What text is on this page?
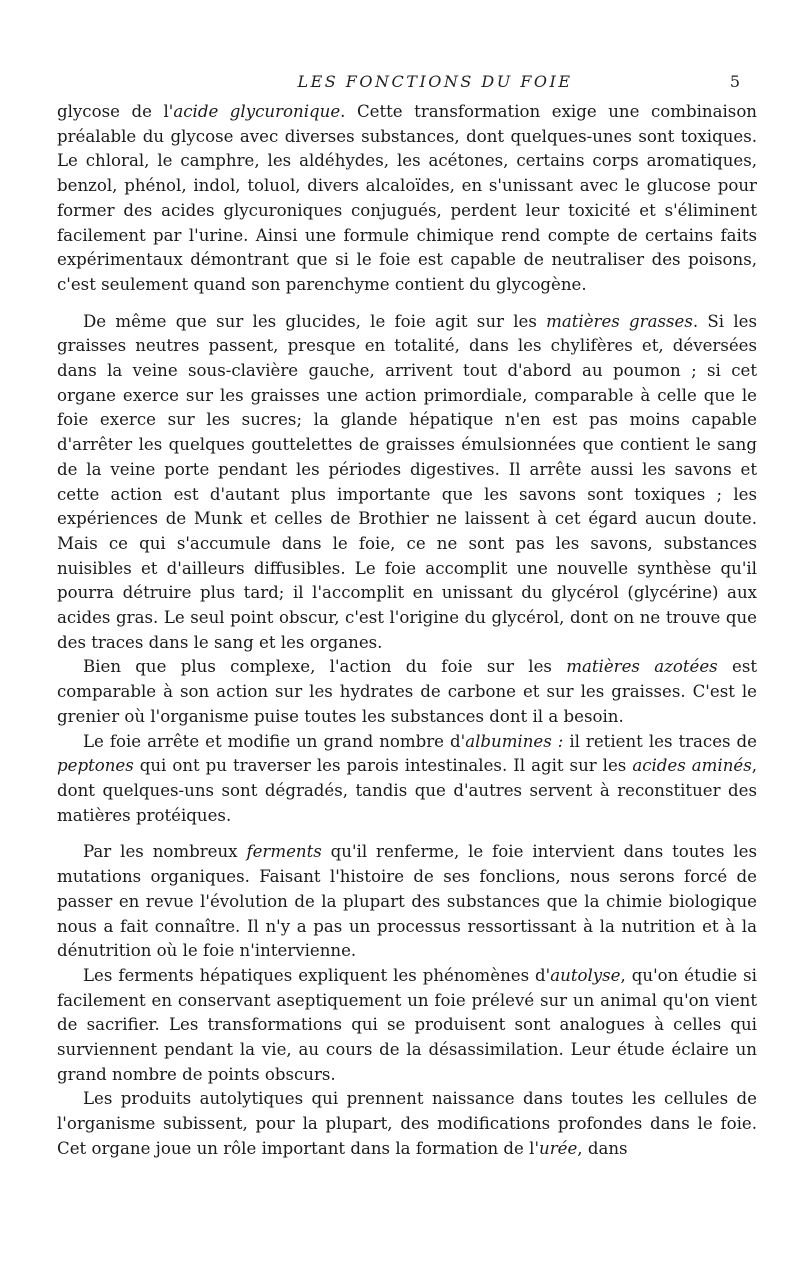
LES FONCTIONS DU FOIE	5

glycose de l'acide glycuronique. Cette transformation exige une combinaison préalable du glycose avec diverses substances, dont quelques-unes sont toxiques. Le chloral, le camphre, les aldéhydes, les acétones, certains corps aromatiques, benzol, phénol, indol, toluol, divers alcaloïdes, en s'unissant avec le glucose pour former des acides glycuroniques conjugués, perdent leur toxicité et s'éliminent facilement par l'urine. Ainsi une formule chimique rend compte de certains faits expérimentaux démontrant que si le foie est capable de neutraliser des poisons, c'est seulement quand son parenchyme contient du glycogène.

De même que sur les glucides, le foie agit sur les matières grasses. Si les graisses neutres passent, presque en totalité, dans les chylifères et, déversées dans la veine sous-clavière gauche, arrivent tout d'abord au poumon ; si cet organe exerce sur les graisses une action primordiale, comparable à celle que le foie exerce sur les sucres; la glande hépatique n'en est pas moins capable d'arrêter les quelques gouttelettes de graisses émulsionnées que contient le sang de la veine porte pendant les périodes digestives. Il arrête aussi les savons et cette action est d'autant plus importante que les savons sont toxiques ; les expériences de Munk et celles de Brothier ne laissent à cet égard aucun doute. Mais ce qui s'accumule dans le foie, ce ne sont pas les savons, substances nuisibles et d'ailleurs diffusibles. Le foie accomplit une nouvelle synthèse qu'il pourra détruire plus tard; il l'accomplit en unissant du glycérol (glycérine) aux acides gras. Le seul point obscur, c'est l'origine du glycérol, dont on ne trouve que des traces dans le sang et les organes.

Bien que plus complexe, l'action du foie sur les matières azotées est comparable à son action sur les hydrates de carbone et sur les graisses. C'est le grenier où l'organisme puise toutes les substances dont il a besoin.

Le foie arrête et modifie un grand nombre d'albumines : il retient les traces de peptones qui ont pu traverser les parois intestinales. Il agit sur les acides aminés, dont quelques-uns sont dégradés, tandis que d'autres servent à reconstituer des matières protéiques.

Par les nombreux ferments qu'il renferme, le foie intervient dans toutes les mutations organiques. Faisant l'histoire de ses fonclions, nous serons forcé de passer en revue l'évolution de la plupart des substances que la chimie biologique nous a fait connaître. Il n'y a pas un processus ressortissant à la nutrition et à la dénutrition où le foie n'intervienne.

Les ferments hépatiques expliquent les phénomènes d'autolyse, qu'on étudie si facilement en conservant aseptiquement un foie prélevé sur un animal qu'on vient de sacrifier. Les transformations qui se produisent sont analogues à celles qui surviennent pendant la vie, au cours de la désassimilation. Leur étude éclaire un grand nombre de points obscurs.

Les produits autolytiques qui prennent naissance dans toutes les cellules de l'organisme subissent, pour la plupart, des modifications profondes dans le foie. Cet organe joue un rôle important dans la formation de l'urée, dans
